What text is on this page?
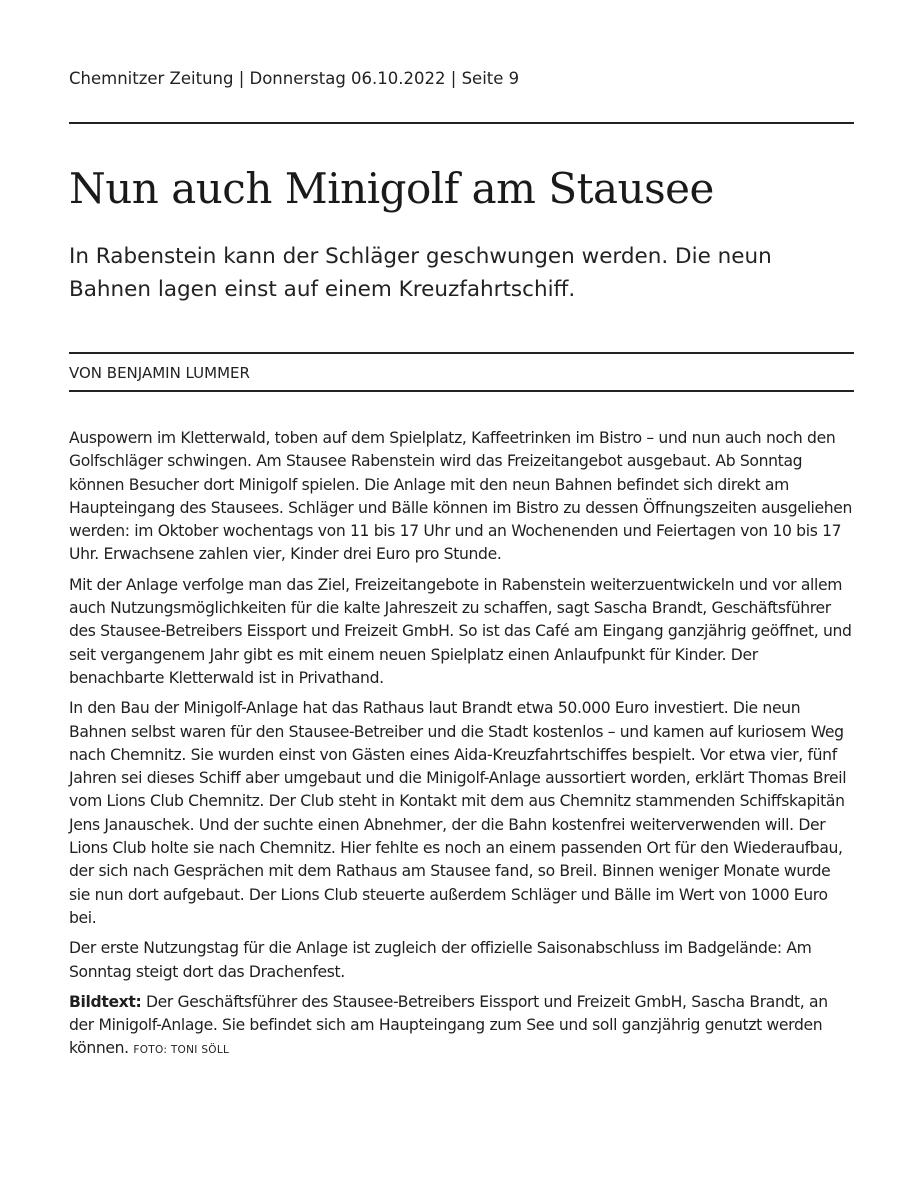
Chemnitzer Zeitung | Donnerstag 06.10.2022 | Seite 9
Nun auch Minigolf am Stausee

In Rabenstein kann der Schläger geschwungen werden. Die neun Bahnen lagen einst auf einem Kreuzfahrtschiff.

VON BENJAMIN LUMMER

Auspowern im Kletterwald, toben auf dem Spielplatz, Kaffeetrinken im Bistro – und nun auch noch den Golfschläger schwingen. Am Stausee Rabenstein wird das Freizeitangebot ausgebaut. Ab Sonntag können Besucher dort Minigolf spielen. Die Anlage mit den neun Bahnen befindet sich direkt am Haupteingang des Stausees. Schläger und Bälle können im Bistro zu dessen Öffnungszeiten ausgeliehen werden: im Oktober wochentags von 11 bis 17 Uhr und an Wochenenden und Feiertagen von 10 bis 17 Uhr. Erwachsene zahlen vier, Kinder drei Euro pro Stunde.

Mit der Anlage verfolge man das Ziel, Freizeitangebote in Rabenstein weiterzuentwickeln und vor allem auch Nutzungsmöglichkeiten für die kalte Jahreszeit zu schaffen, sagt Sascha Brandt, Geschäftsführer des Stausee-Betreibers Eissport und Freizeit GmbH. So ist das Café am Eingang ganzjährig geöffnet, und seit vergangenem Jahr gibt es mit einem neuen Spielplatz einen Anlaufpunkt für Kinder. Der benachbarte Kletterwald ist in Privathand.

In den Bau der Minigolf-Anlage hat das Rathaus laut Brandt etwa 50.000 Euro investiert. Die neun Bahnen selbst waren für den Stausee-Betreiber und die Stadt kostenlos – und kamen auf kuriosem Weg nach Chemnitz. Sie wurden einst von Gästen eines Aida-Kreuzfahrtschiffes bespielt. Vor etwa vier, fünf Jahren sei dieses Schiff aber umgebaut und die Minigolf-Anlage aussortiert worden, erklärt Thomas Breil vom Lions Club Chemnitz. Der Club steht in Kontakt mit dem aus Chemnitz stammenden Schiffskapitän Jens Janauschek. Und der suchte einen Abnehmer, der die Bahn kostenfrei weiterverwenden will. Der Lions Club holte sie nach Chemnitz. Hier fehlte es noch an einem passenden Ort für den Wiederaufbau, der sich nach Gesprächen mit dem Rathaus am Stausee fand, so Breil. Binnen weniger Monate wurde sie nun dort aufgebaut. Der Lions Club steuerte außerdem Schläger und Bälle im Wert von 1000 Euro bei.

Der erste Nutzungstag für die Anlage ist zugleich der offizielle Saisonabschluss im Badgelände: Am Sonntag steigt dort das Drachenfest.

Bildtext: Der Geschäftsführer des Stausee-Betreibers Eissport und Freizeit GmbH, Sascha Brandt, an der Minigolf-Anlage. Sie befindet sich am Haupteingang zum See und soll ganzjährig genutzt werden können. FOTO: TONI SÖLL
